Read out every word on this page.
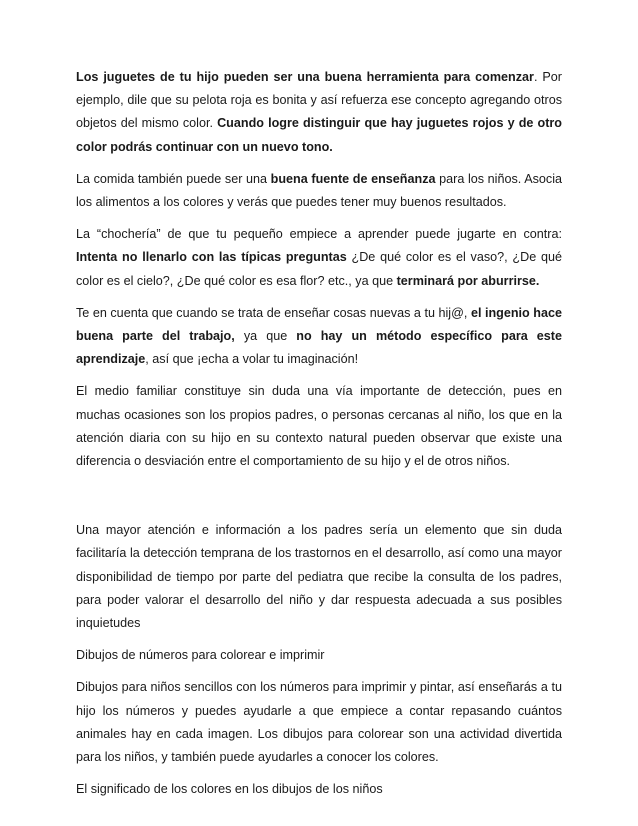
Los juguetes de tu hijo pueden ser una buena herramienta para comenzar. Por ejemplo, dile que su pelota roja es bonita y así refuerza ese concepto agregando otros objetos del mismo color. Cuando logre distinguir que hay juguetes rojos y de otro color podrás continuar con un nuevo tono.

La comida también puede ser una buena fuente de enseñanza para los niños. Asocia los alimentos a los colores y verás que puedes tener muy buenos resultados.

La “chochería” de que tu pequeño empiece a aprender puede jugarte en contra: Intenta no llenarlo con las típicas preguntas ¿De qué color es el vaso?, ¿De qué color es el cielo?, ¿De qué color es esa flor? etc., ya que terminará por aburrirse.

Te en cuenta que cuando se trata de enseñar cosas nuevas a tu hij@, el ingenio hace buena parte del trabajo, ya que no hay un método específico para este aprendizaje, así que ¡echa a volar tu imaginación!

El medio familiar constituye sin duda una vía importante de detección, pues en muchas ocasiones son los propios padres, o personas cercanas al niño, los que en la atención diaria con su hijo en su contexto natural pueden observar que existe una diferencia o desviación entre el comportamiento de su hijo y el de otros niños.

Una mayor atención e información a los padres sería un elemento que sin duda facilitaría la detección temprana de los trastornos en el desarrollo, así como una mayor disponibilidad de tiempo por parte del pediatra que recibe la consulta de los padres, para poder valorar el desarrollo del niño y dar respuesta adecuada a sus posibles inquietudes

Dibujos de números para colorear e imprimir

Dibujos para niños sencillos con los números para imprimir y pintar, así enseñarás a tu hijo los números y puedes ayudarle a que empiece a contar repasando cuántos animales hay en cada imagen. Los dibujos para colorear son una actividad divertida para los niños, y también puede ayudarles a conocer los colores.

El significado de los colores en los dibujos de los niños
